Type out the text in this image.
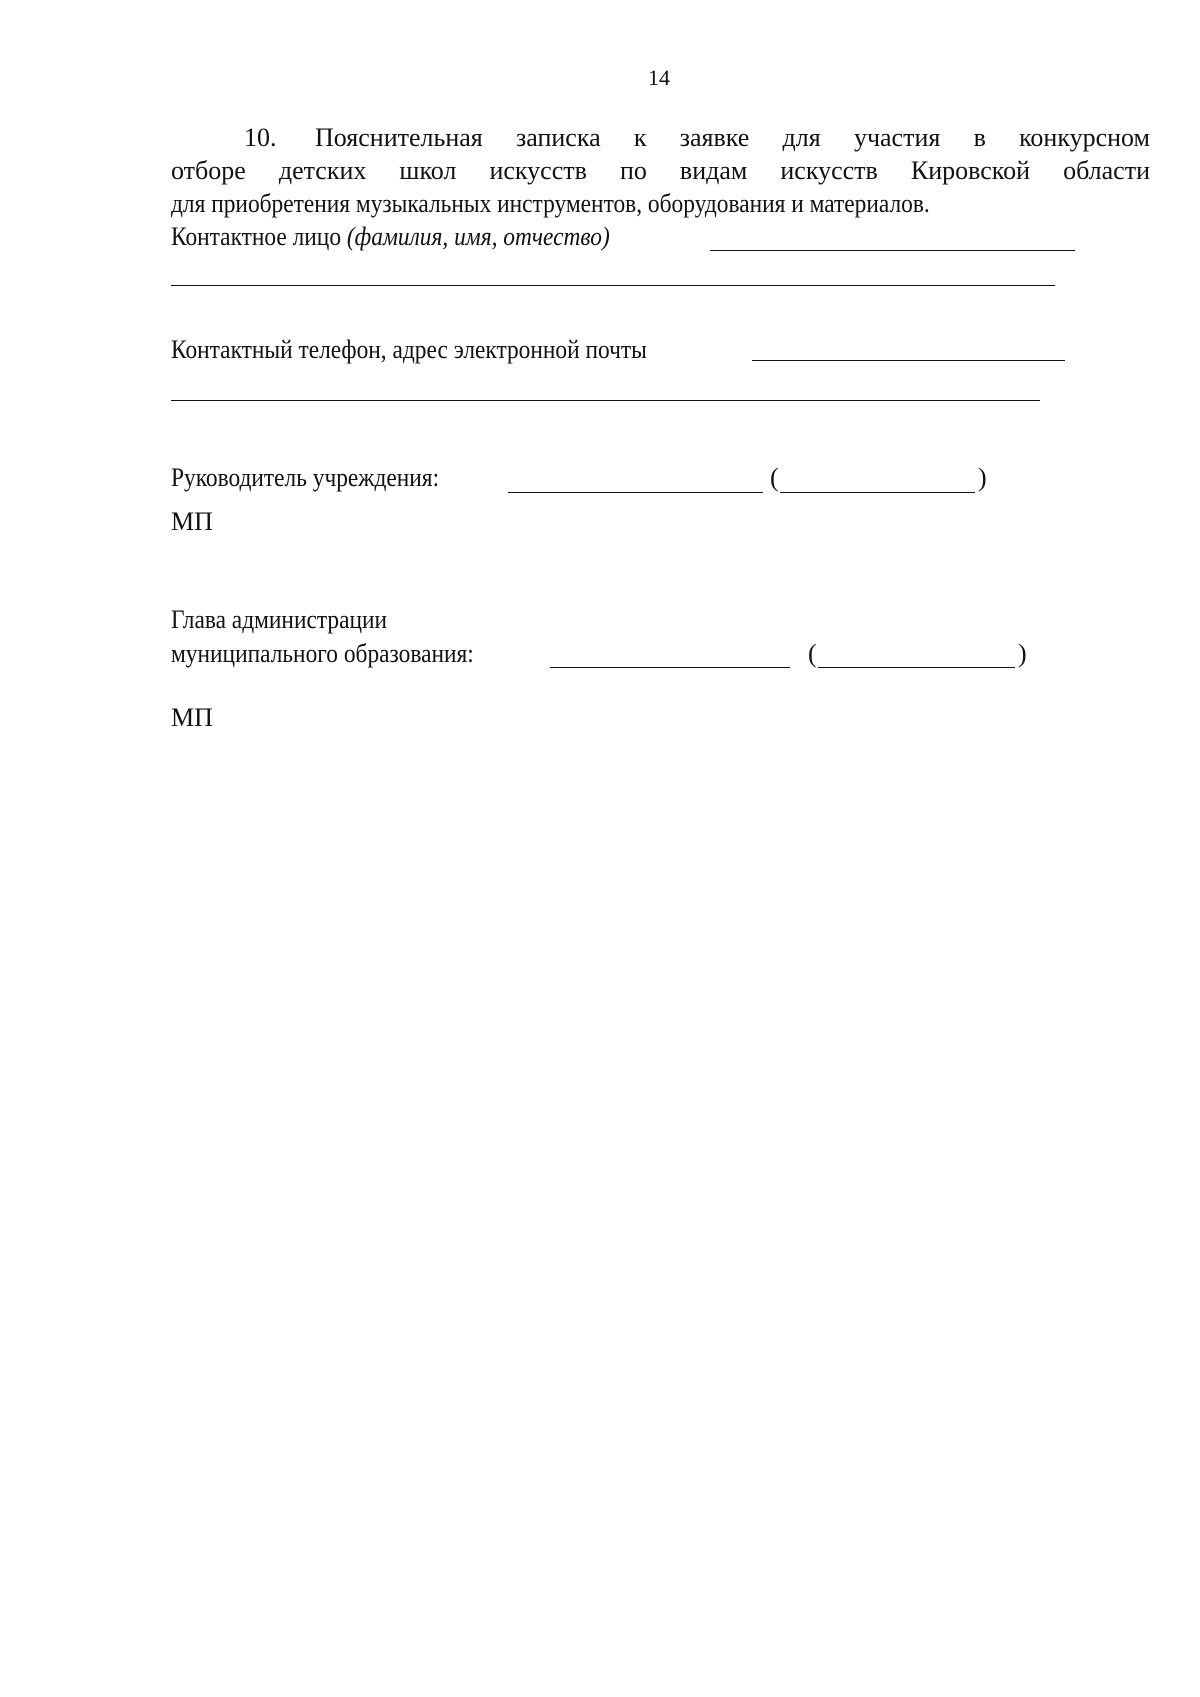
14
10. Пояснительная записка к заявке для участия в конкурсном
отборе детских школ искусств по видам искусств Кировской области
для приобретения музыкальных инструментов, оборудования и материалов.
Контактное лицо (фамилия, имя, отчество)
Контактный телефон, адрес электронной почты
Руководитель учреждения:	(	)
МП
Глава администрации
муниципального образования:	(	)
МП
